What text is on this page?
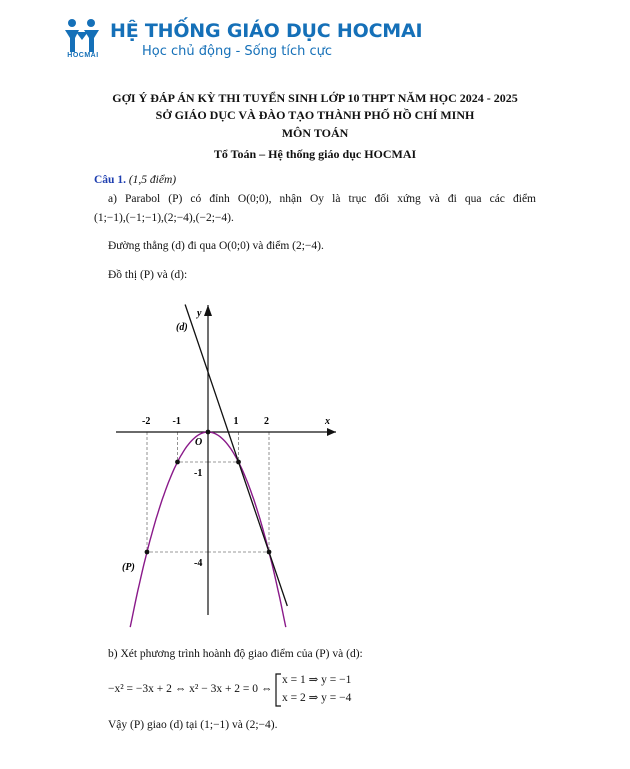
HOCMAI
HỆ THỐNG GIÁO DỤC HOCMAI
Học chủ động - Sống tích cực
GỢI Ý ĐÁP ÁN KỲ THI TUYỂN SINH LỚP 10 THPT NĂM HỌC 2024 - 2025
SỞ GIÁO DỤC VÀ ĐÀO TẠO THÀNH PHỐ HỒ CHÍ MINH
MÔN TOÁN
Tổ Toán – Hệ thống giáo dục HOCMAI
Câu 1. (1,5 điểm)
a) Parabol (P) có đỉnh O(0;0), nhận Oy là trục đối xứng và đi qua các điểm
(1;−1),(−1;−1),(2;−4),(−2;−4).
Đường thẳng (d) đi qua O(0;0) và điểm (2;−4).
Đồ thị (P) và (d):
x
y
O
-2 -1	1	2
-1
-4
(d)
(P)
b) Xét phương trình hoành độ giao điểm của (P) và (d):
−x² = −3x + 2 ⇔ x² − 3x + 2 = 0 ⇔
x = 1 ⇒ y = −1
x = 2 ⇒ y = −4
Vậy (P) giao (d) tại (1;−1) và (2;−4).
